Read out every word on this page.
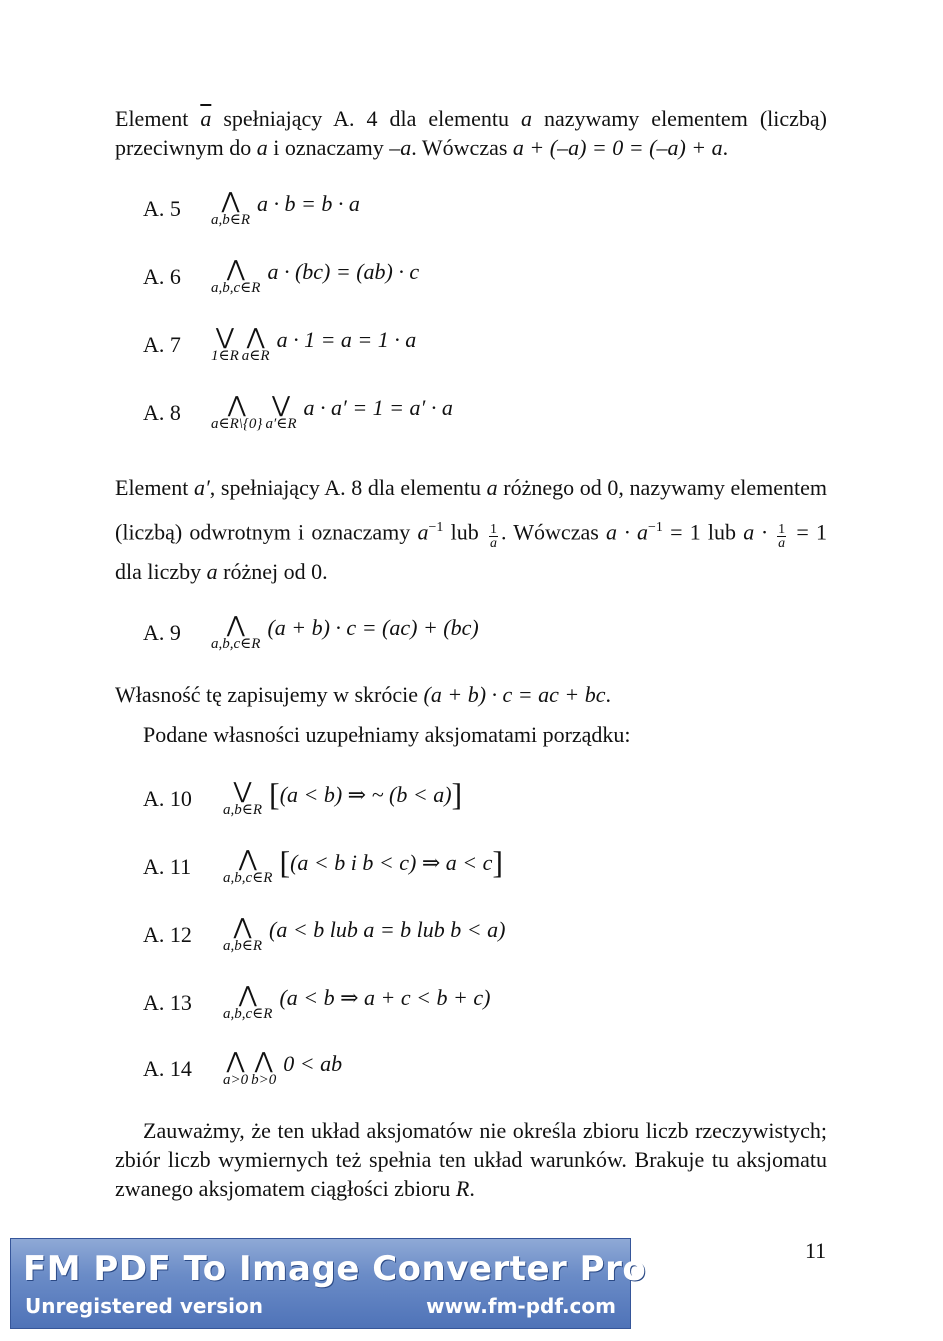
Element $\overline{a}$ spełniający A. 4 dla elementu a nazywamy elementem (liczbą) przeciwnym do a i oznaczamy –a. Wówczas a + (–a) = 0 = (–a) + a.
A. 5	⋀
a,b∈R
a · b = b · a
A. 6	⋀
a,b,c∈R
a · (bc) = (ab) · c
A. 7 ⋁
1∈R
⋀
a∈R
a · 1 = a = 1 · a
A. 8	⋀
a∈R\{0}
⋁
a′∈R
a · a′ = 1 = a′ · a
Element a′, spełniający A. 8 dla elementu a różnego od 0, nazywamy elementem (liczbą) odwrotnym i oznaczamy $a^{-1}$ lub $\frac{1}{a}$ . Wówczas $a \cdot a^{-1} = 1$ lub $a \cdot \frac{1}{a} = 1$ dla liczby a różnej od 0.
A. 9	⋀
a,b,c∈R
(a + b) · c = (ac) + (bc)
Własność tę zapisujemy w skrócie (a + b) · c = ac + bc.
Podane własności uzupełniamy aksjomatami porządku:
A. 10	⋁
a,b∈R [(a < b) ⇒ ~ (b < a)]
A. 11	⋀
a,b,c∈R [(a < b i b < c) ⇒ a < c]
A. 12	⋀
a,b∈R
(a < b lub a = b lub b < a)
A. 13	⋀
a,b,c∈R
(a < b ⇒ a + c < b + c)
A. 14 ⋀
a>0
⋀
b>0
0 < ab
Zauważmy, że ten układ aksjomatów nie określa zbioru liczb rzeczywistych; zbiór liczb wymiernych też spełnia ten układ warunków. Brakuje tu aksjomatu zwanego aksjomatem ciągłości zbioru R.
11
FM PDF To Image Converter Pro
Unregistered version	www.fm-pdf.com
